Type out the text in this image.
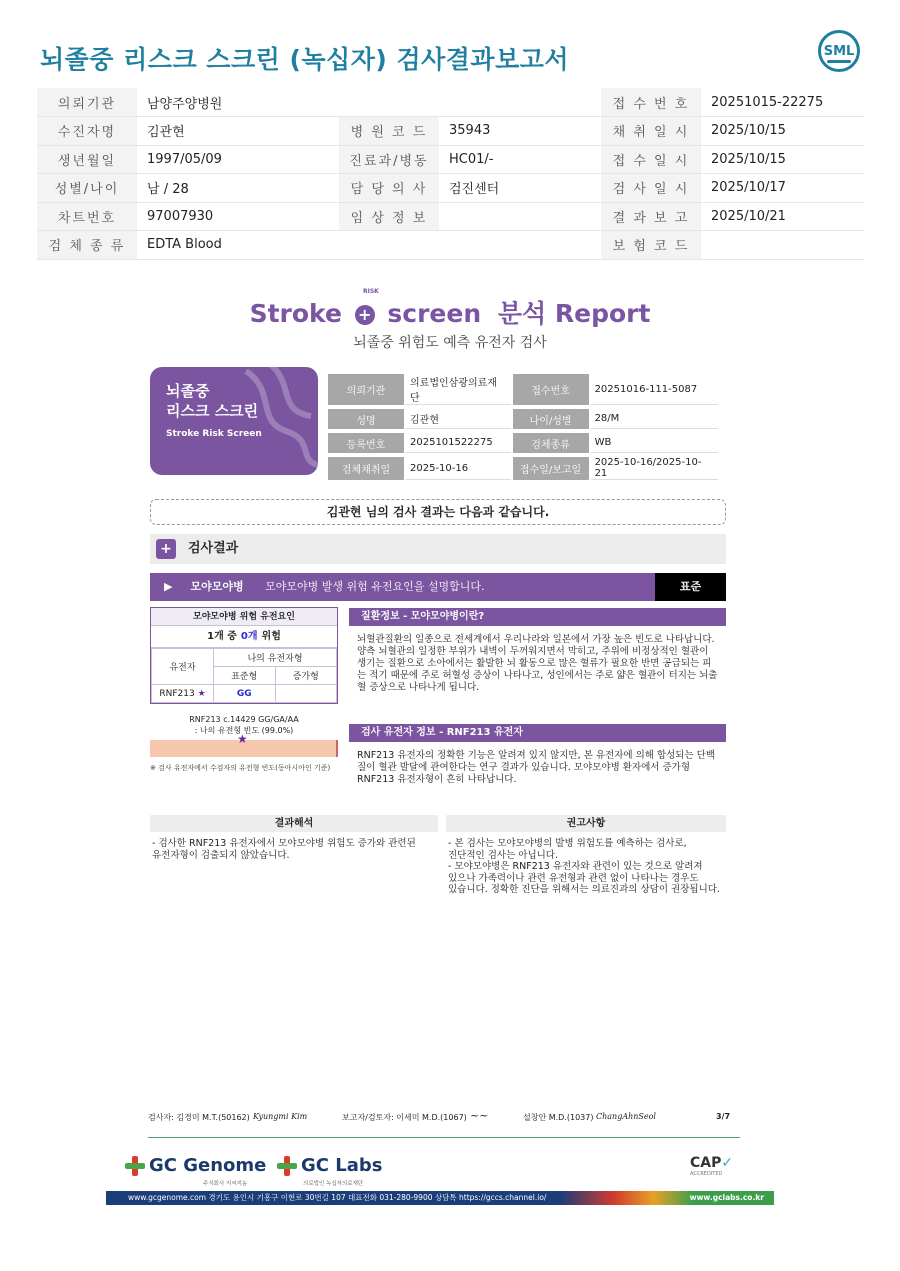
뇌졸중 리스크 스크린 (녹십자) 검사결과보고서	SML
의뢰기관	남양주양병원			접 수 번 호	20251015-22275
수진자명	김관현	병 원 코 드	35943	채 취 일 시	2025/10/15
생년월일	1997/05/09	진료과/병동	HC01/-	접 수 일 시	2025/10/15
성별/나이	남 / 28	담 당 의 사	검진센터	검 사 일 시	2025/10/17
차트번호	97007930	임 상 정 보		결 과 보 고	2025/10/21
검 체 종 류	EDTA Blood			보 험 코 드	
Stroke + screen 분석 Report
RISK
뇌졸중 위험도 예측 유전자 검사
뇌졸중
리스크 스크린
Stroke Risk Screen
의뢰기관	의료법인삼광의료재단	접수번호	20251016-111-5087
성명	김관현	나이/성별	28/M
등록번호	2025101522275	검체종류	WB
검체채취일	2025-10-16	접수일/보고일	2025-10-16/2025-10-21
김관현 님의 검사 결과는 다음과 같습니다.
+	검사결과
▶ 모야모야병 모야모야병 발생 위험 유전요인을 설명합니다.	표준
모야모야병 위험 유전요인
1개 중 0개 위험
유전자	나의 유전자형	
	표준형	증가형
RNF213 ★	GG	
RNF213 c.14429 GG/GA/AA
: 나의 유전형 빈도 (99.0%)
★
※ 검사 유전자에서 수검자의 유전형 빈도(동아시아인 기준)
질환정보 - 모야모야병이란?
뇌혈관질환의 일종으로 전세계에서 우리나라와 일본에서 가장 높은 빈도로 나타납니다. 양측 뇌혈관의 일정한 부위가 내벽이 두꺼워지면서 막히고, 주위에 비정상적인 혈관이 생기는 질환으로 소아에서는 활발한 뇌 활동으로 많은 혈류가 필요한 반면 공급되는 피는 적기 때문에 주로 허혈성 증상이 나타나고, 성인에서는 주로 얇은 혈관이 터지는 뇌출혈 증상으로 나타나게 됩니다.
검사 유전자 정보 - RNF213 유전자
RNF213 유전자의 정확한 기능은 알려져 있지 않지만, 본 유전자에 의해 합성되는 단백질이 혈관 발달에 관여한다는 연구 결과가 있습니다. 모야모야병 환자에서 증가형 RNF213 유전자형이 흔히 나타납니다.
결과해석
- 검사한 RNF213 유전자에서 모야모야병 위험도 증가와 관련된
유전자형이 검출되지 않았습니다.
권고사항
- 본 검사는 모야모야병의 발병 위험도를 예측하는 검사로,
진단적인 검사는 아닙니다.
- 모야모야병은 RNF213 유전자와 관련이 있는 것으로 알려져
있으나 가족력이나 관련 유전형과 관련 없이 나타나는 경우도
있습니다. 정확한 진단을 위해서는 의료진과의 상담이 권장됩니다.
검사자: 김경미 M.T.(50162) Kyungmi Kim	보고자/검토자: 이세미 M.D.(1067) ~~	설창안 M.D.(1037) ChangAhnSeol	3/7
GC Genome
주식회사 지씨지놈
GC Labs
의료법인 녹십자의료재단
CAP✓
ACCREDITED
www.gcgenome.com 경기도 용인시 기흥구 이현로 30번길 107 대표전화 031-280-9900 상담톡 https://gccs.channel.io/	www.gclabs.co.kr
